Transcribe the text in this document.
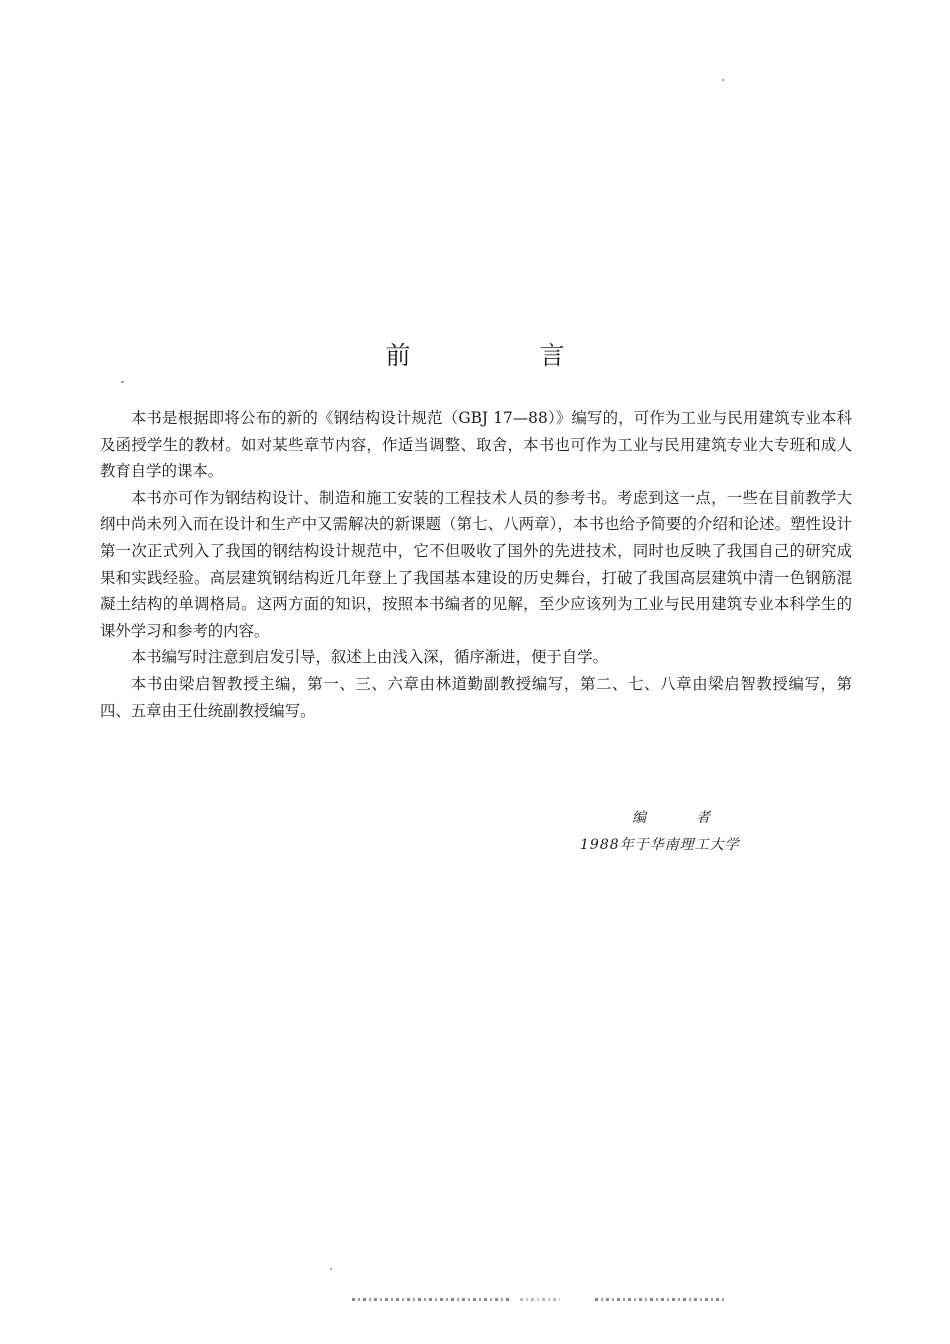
前　言

本书是根据即将公布的新的《钢结构设计规范（GBJ 17—88）》编写的，可作为工业与民用建筑专业本科及函授学生的教材。如对某些章节内容，作适当调整、取舍，本书也可作为工业与民用建筑专业大专班和成人教育自学的课本。

本书亦可作为钢结构设计、制造和施工安装的工程技术人员的参考书。考虑到这一点，一些在目前教学大纲中尚未列入而在设计和生产中又需解决的新课题（第七、八两章），本书也给予简要的介绍和论述。塑性设计第一次正式列入了我国的钢结构设计规范中，它不但吸收了国外的先进技术，同时也反映了我国自己的研究成果和实践经验。高层建筑钢结构近几年登上了我国基本建设的历史舞台，打破了我国高层建筑中清一色钢筋混凝土结构的单调格局。这两方面的知识，按照本书编者的见解，至少应该列为工业与民用建筑专业本科学生的课外学习和参考的内容。

本书编写时注意到启发引导，叙述上由浅入深，循序渐进，便于自学。

本书由梁启智教授主编，第一、三、六章由林道勤副教授编写，第二、七、八章由梁启智教授编写，第四、五章由王仕统副教授编写。

编　者
1988年于华南理工大学
